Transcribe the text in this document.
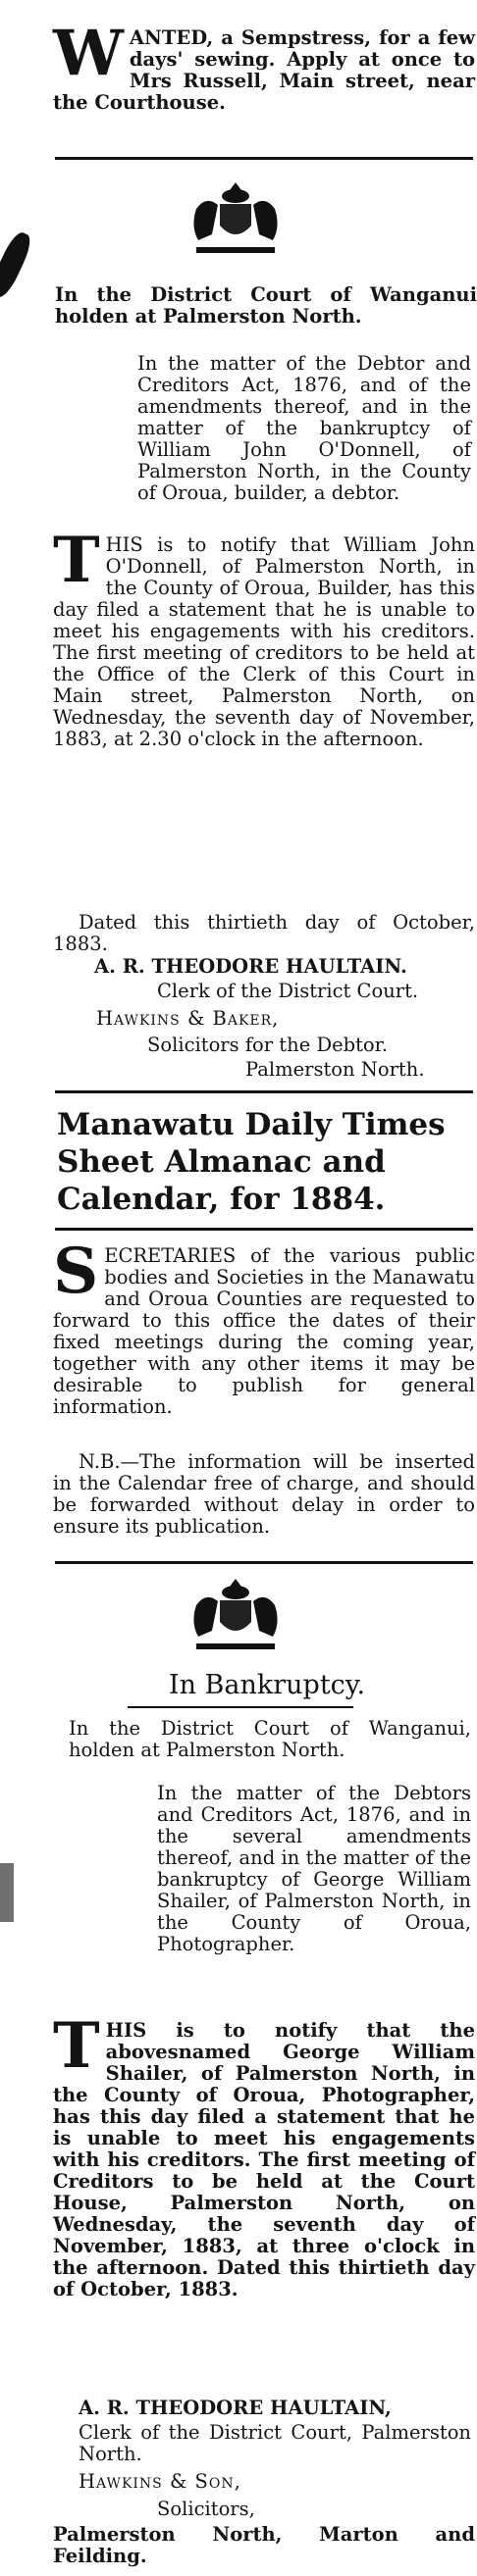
W ANTED, a Sempstress, for a few days' sewing. Apply at once to Mrs Russell, Main street, near the Courthouse.
In the District Court of Wanganui holden at Palmerston North.
In the matter of the Debtor and Creditors Act, 1876, and of the amendments thereof, and in the matter of the bankruptcy of William John O'Donnell, of Palmerston North, in the County of Oroua, builder, a debtor.
T HIS is to notify that William John O'Donnell, of Palmerston North, in the County of Oroua, Builder, has this day filed a statement that he is unable to meet his engagements with his creditors. The first meeting of creditors to be held at the Office of the Clerk of this Court in Main street, Palmerston North, on Wednesday, the seventh day of November, 1883, at 2.30 o'clock in the afternoon.
Dated this thirtieth day of October, 1883.
A. R. THEODORE HAULTAIN.
Clerk of the District Court.
Hawkins & Baker,
Solicitors for the Debtor.
Palmerston North.
Manawatu Daily Times Sheet Almanac and Calendar, for 1884.
S ECRETARIES of the various public bodies and Societies in the Manawatu and Oroua Counties are requested to forward to this office the dates of their fixed meetings during the coming year, together with any other items it may be desirable to publish for general information.
N.B.—The information will be inserted in the Calendar free of charge, and should be forwarded without delay in order to ensure its publication.
In Bankruptcy.
In the District Court of Wanganui, holden at Palmerston North.
In the matter of the Debtors and Creditors Act, 1876, and in the several amendments thereof, and in the matter of the bankruptcy of George William Shailer, of Palmerston North, in the County of Oroua, Photographer.
T HIS is to notify that the abovesnamed George William Shailer, of Palmerston North, in the County of Oroua, Photographer, has this day filed a statement that he is unable to meet his engagements with his creditors. The first meeting of Creditors to be held at the Court House, Palmerston North, on Wednesday, the seventh day of November, 1883, at three o'clock in the afternoon. Dated this thirtieth day of October, 1883.
A. R. THEODORE HAULTAIN,
Clerk of the District Court, Palmerston North.
Hawkins & Son,
Solicitors,
Palmerston North, Marton and Feilding.
